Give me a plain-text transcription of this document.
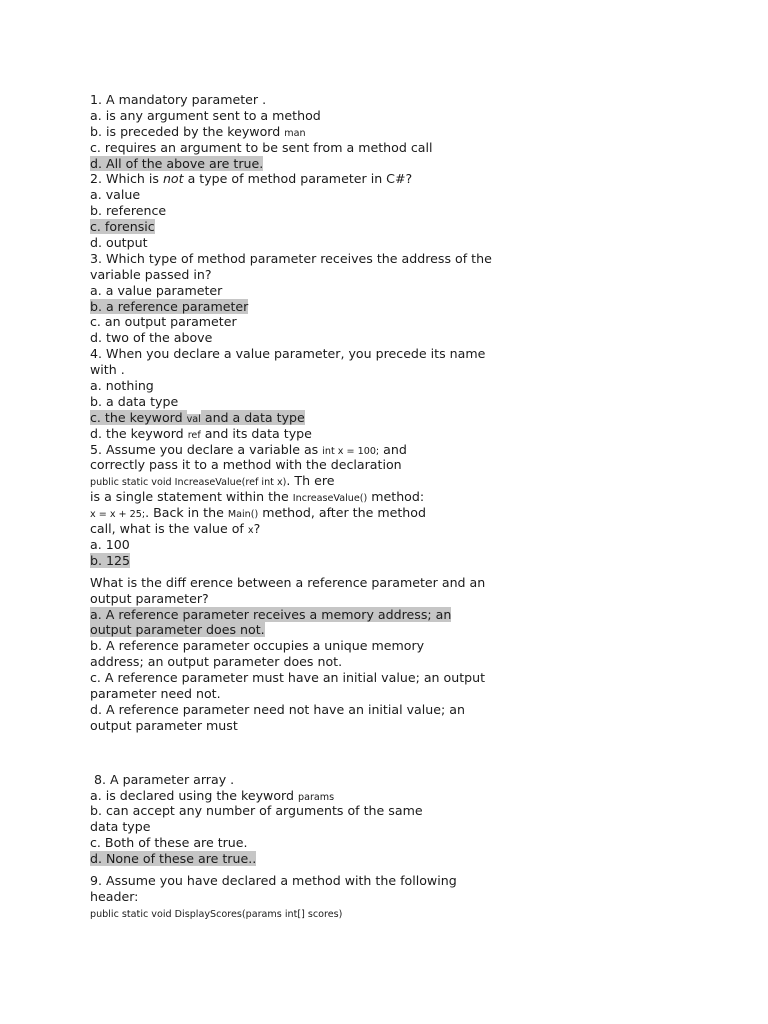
1. A mandatory parameter .
a. is any argument sent to a method
b. is preceded by the keyword man
c. requires an argument to be sent from a method call
d. All of the above are true.
2. Which is not a type of method parameter in C#?
a. value
b. reference
c. forensic
d. output
3. Which type of method parameter receives the address of the
variable passed in?
a. a value parameter
b. a reference parameter
c. an output parameter
d. two of the above
4. When you declare a value parameter, you precede its name
with .
a. nothing
b. a data type
c. the keyword val and a data type
d. the keyword ref and its data type
5. Assume you declare a variable as int x = 100; and
correctly pass it to a method with the declaration
public static void IncreaseValue(ref int x). Th ere
is a single statement within the IncreaseValue() method:
x = x + 25;. Back in the Main() method, after the method
call, what is the value of x?
a. 100
b. 125
What is the diff erence between a reference parameter and an
output parameter?
a. A reference parameter receives a memory address; an
output parameter does not.
b. A reference parameter occupies a unique memory
address; an output parameter does not.
c. A reference parameter must have an initial value; an output
parameter need not.
d. A reference parameter need not have an initial value; an
output parameter must
8. A parameter array .
a. is declared using the keyword params
b. can accept any number of arguments of the same
data type
c. Both of these are true.
d. None of these are true..
9. Assume you have declared a method with the following
header:
public static void DisplayScores(params int[] scores)
